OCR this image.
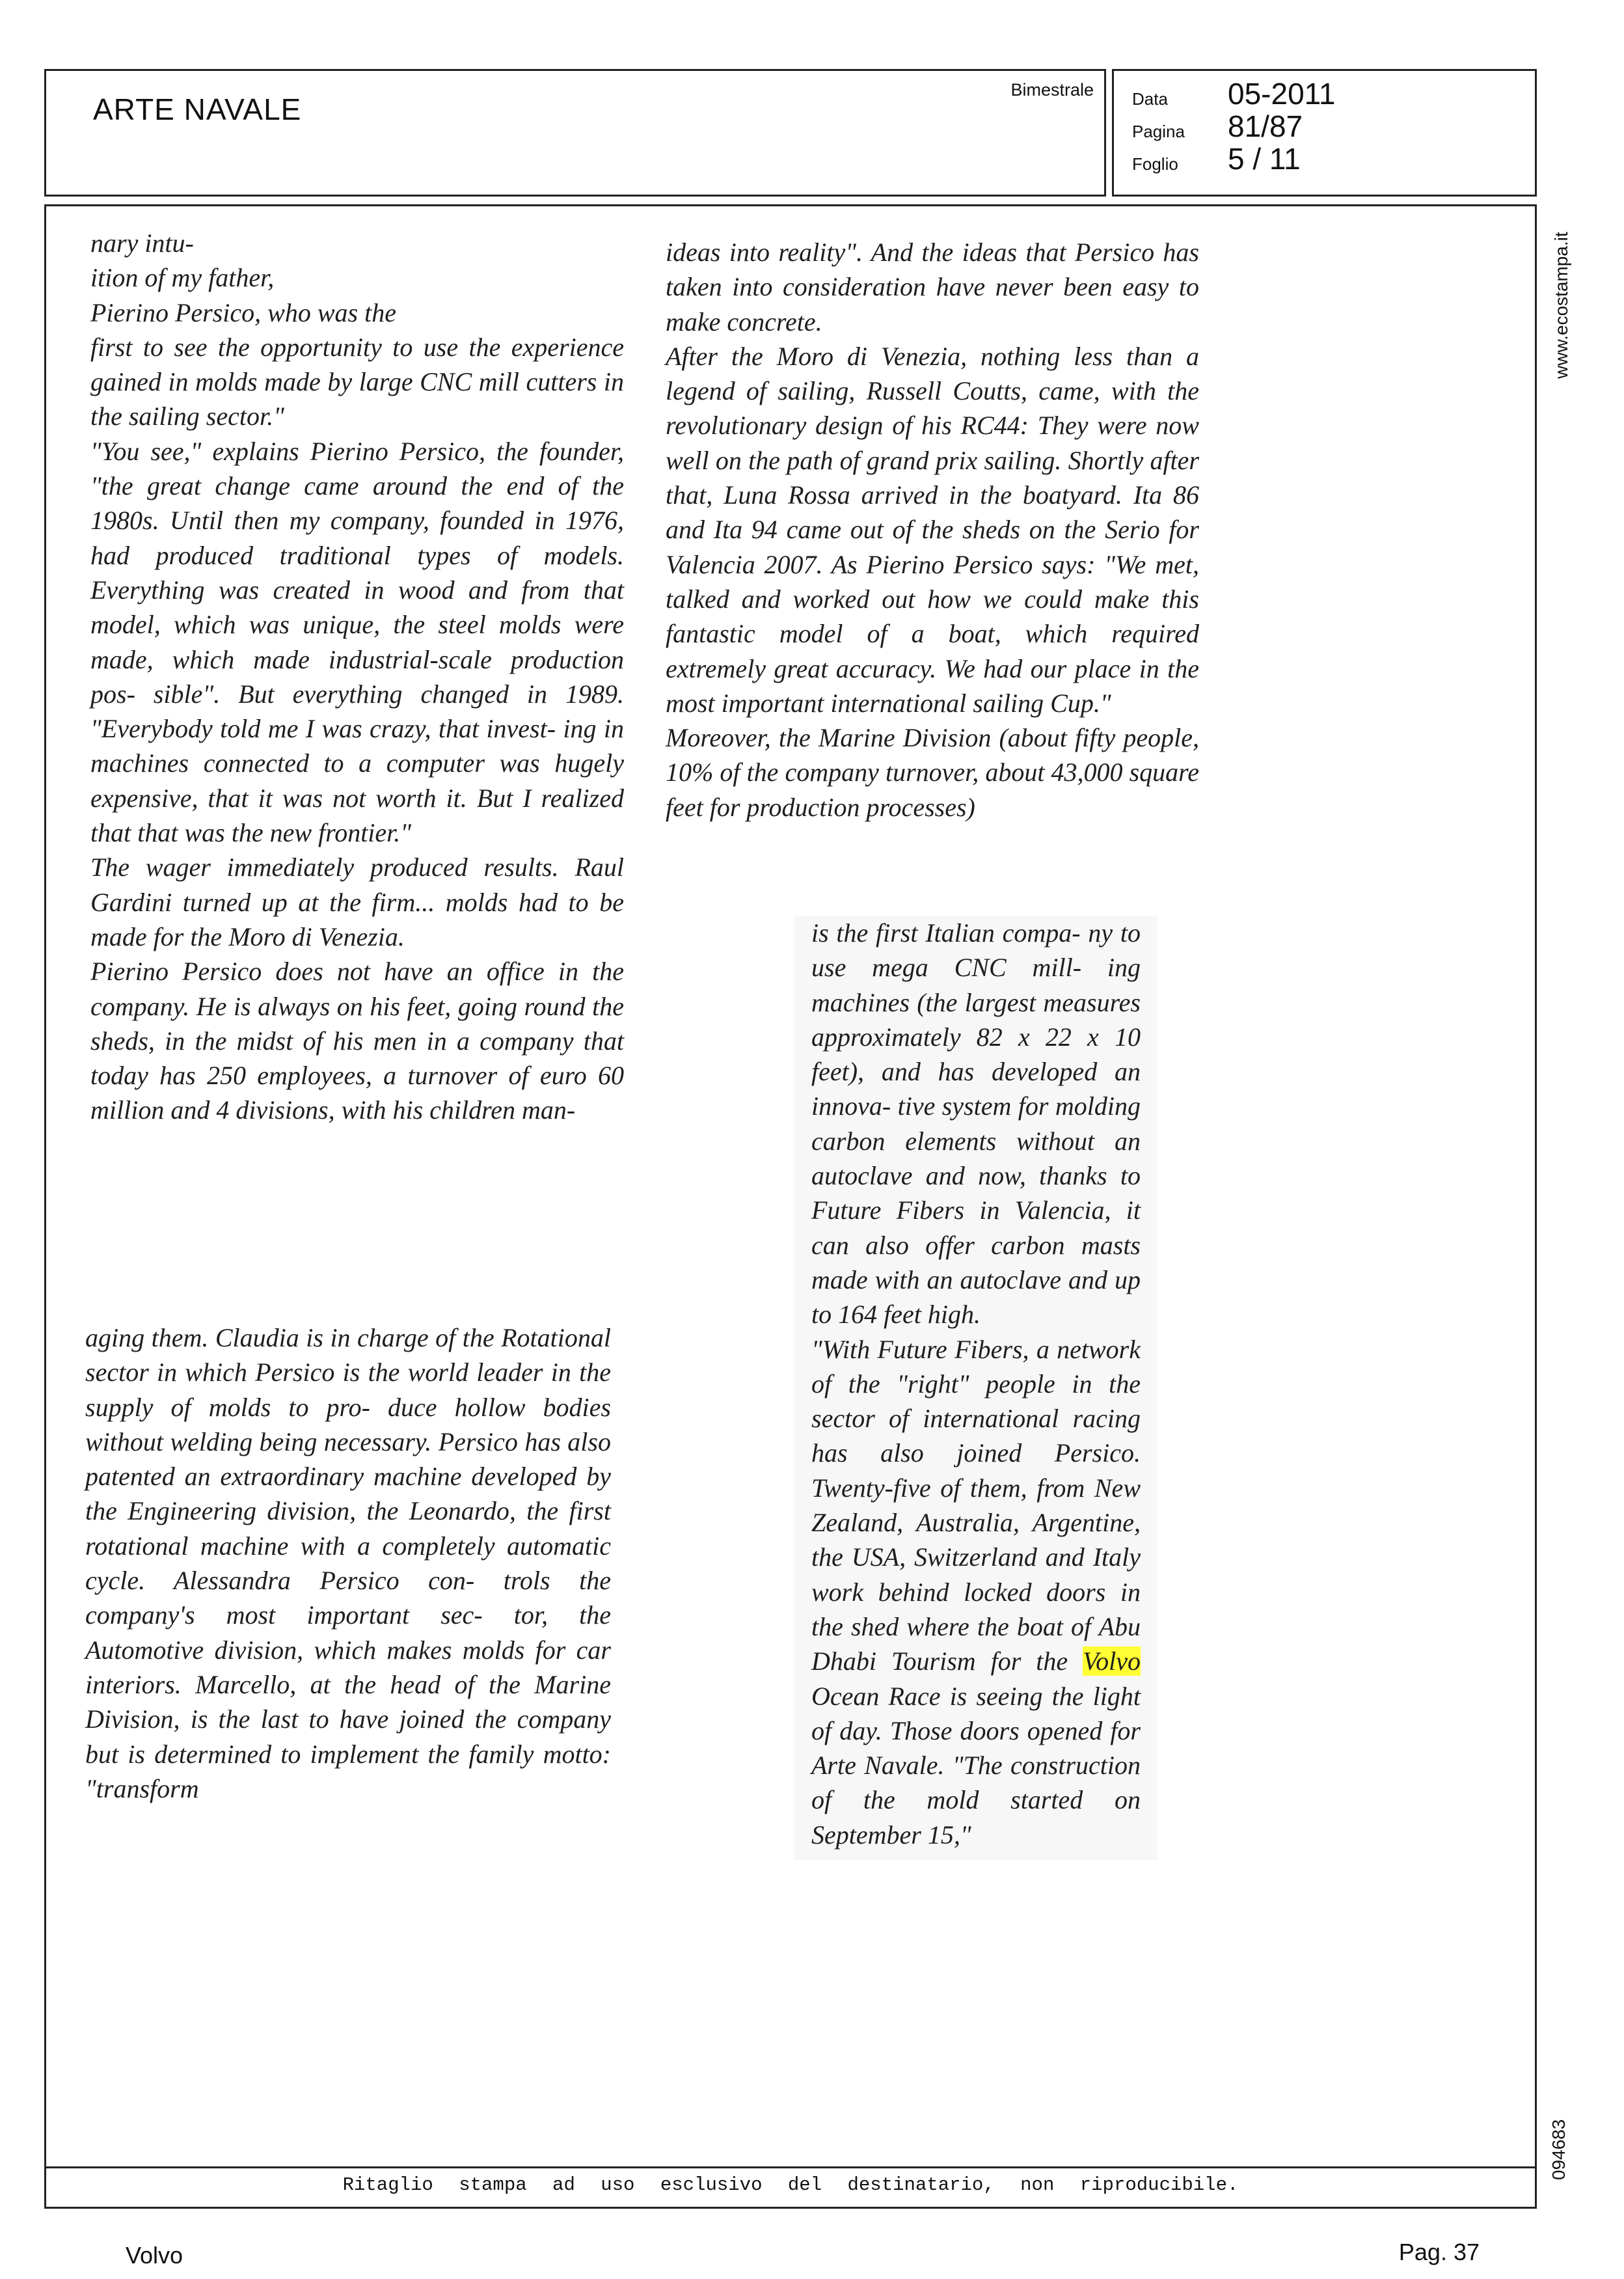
ARTE NAVALE
Bimestrale Data 05-2011
Pagina 81/87
Foglio 5 / 11

nary intu-

ition of my father,

Pierino Persico, who was the

first to see the opportunity to use the experience gained in molds made by large CNC mill cutters in the sailing sector."

"You see," explains Pierino Persico, the founder, "the great change came around the end of the 1980s. Until then my company, founded in 1976, had produced traditional types of models. Everything was created in wood and from that model, which was unique, the steel molds were made, which made industrial-scale production pos- sible". But everything changed in 1989. "Everybody told me I was crazy, that invest- ing in machines connected to a computer was hugely expensive, that it was not worth it. But I realized that that was the new frontier."

The wager immediately produced results. Raul Gardini turned up at the firm... molds had to be made for the Moro di Venezia.

Pierino Persico does not have an office in the company. He is always on his feet, going round the sheds, in the midst of his men in a company that today has 250 employees, a turnover of euro 60 million and 4 divisions, with his children man-

aging them. Claudia is in charge of the Rotational sector in which Persico is the world leader in the supply of molds to pro- duce hollow bodies without welding being necessary. Persico has also patented an extraordinary machine developed by the Engineering division, the Leonardo, the first rotational machine with a completely automatic cycle. Alessandra Persico con- trols the company's most important sec- tor, the Automotive division, which makes molds for car interiors. Marcello, at the head of the Marine Division, is the last to have joined the company but is determined to implement the family motto: "transform

ideas into reality". And the ideas that Persico has taken into consideration have never been easy to make concrete.

After the Moro di Venezia, nothing less than a legend of sailing, Russell Coutts, came, with the revolutionary design of his RC44: They were now well on the path of grand prix sailing. Shortly after that, Luna Rossa arrived in the boatyard. Ita 86 and Ita 94 came out of the sheds on the Serio for Valencia 2007. As Pierino Persico says: "We met, talked and worked out how we could make this fantastic model of a boat, which required extremely great accuracy. We had our place in the most important international sailing Cup."

Moreover, the Marine Division (about fifty people, 10% of the company turnover, about 43,000 square feet for production processes)

is the first Italian compa- ny to use mega CNC mill- ing machines (the largest measures approximately 82 x 22 x 10 feet), and has developed an innova- tive system for molding carbon elements without an autoclave and now, thanks to Future Fibers in Valencia, it can also offer carbon masts made with an autoclave and up to 164 feet high.

"With Future Fibers, a network of the "right" people in the sector of international racing has also joined Persico. Twenty-five of them, from New Zealand, Australia, Argentine, the USA, Switzerland and Italy work behind locked doors in the shed where the boat of Abu Dhabi Tourism for the Volvo Ocean Race is seeing the light of day. Those doors opened for Arte Navale. "The construction of the mold started on September 15,"

Ritaglio stampa ad uso esclusivo del destinatario, non riproducibile.
www.ecostampa.it
094683
Volvo	Pag. 37
